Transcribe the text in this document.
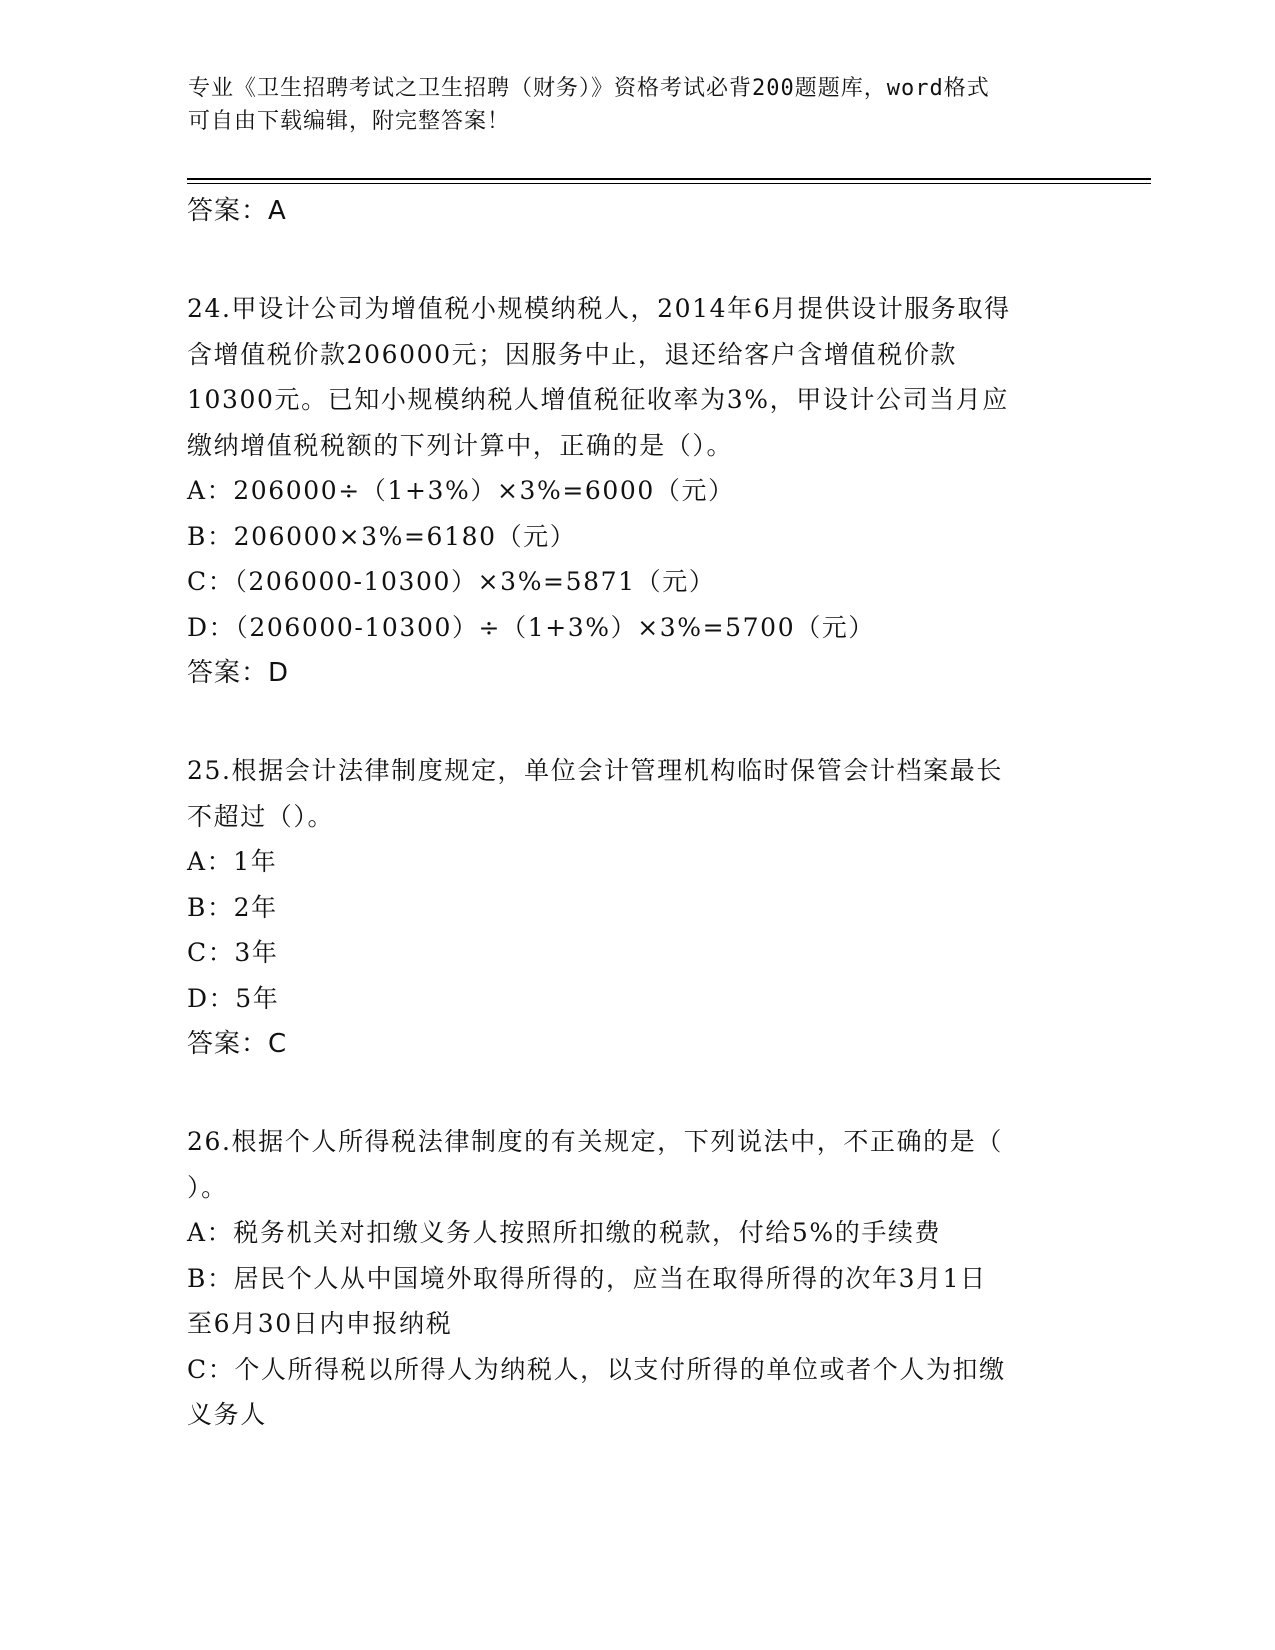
专业《卫生招聘考试之卫生招聘（财务）》资格考试必背200题题库，word格式
可自由下载编辑，附完整答案！
答案：A
24.甲设计公司为增值税小规模纳税人，2014年6月提供设计服务取得
含增值税价款206000元；因服务中止，退还给客户含增值税价款
10300元。已知小规模纳税人增值税征收率为3%，甲设计公司当月应
缴纳增值税税额的下列计算中，正确的是（）。
A：206000÷（1+3%）×3%=6000（元）
B：206000×3%=6180（元）
C：（206000-10300）×3%=5871（元）
D：（206000-10300）÷（1+3%）×3%=5700（元）
答案：D
25.根据会计法律制度规定，单位会计管理机构临时保管会计档案最长
不超过（）。
A：1年
B：2年
C：3年
D：5年
答案：C
26.根据个人所得税法律制度的有关规定，下列说法中，不正确的是（
）。
A：税务机关对扣缴义务人按照所扣缴的税款，付给5%的手续费
B：居民个人从中国境外取得所得的，应当在取得所得的次年3月1日
至6月30日内申报纳税
C：个人所得税以所得人为纳税人，以支付所得的单位或者个人为扣缴
义务人
